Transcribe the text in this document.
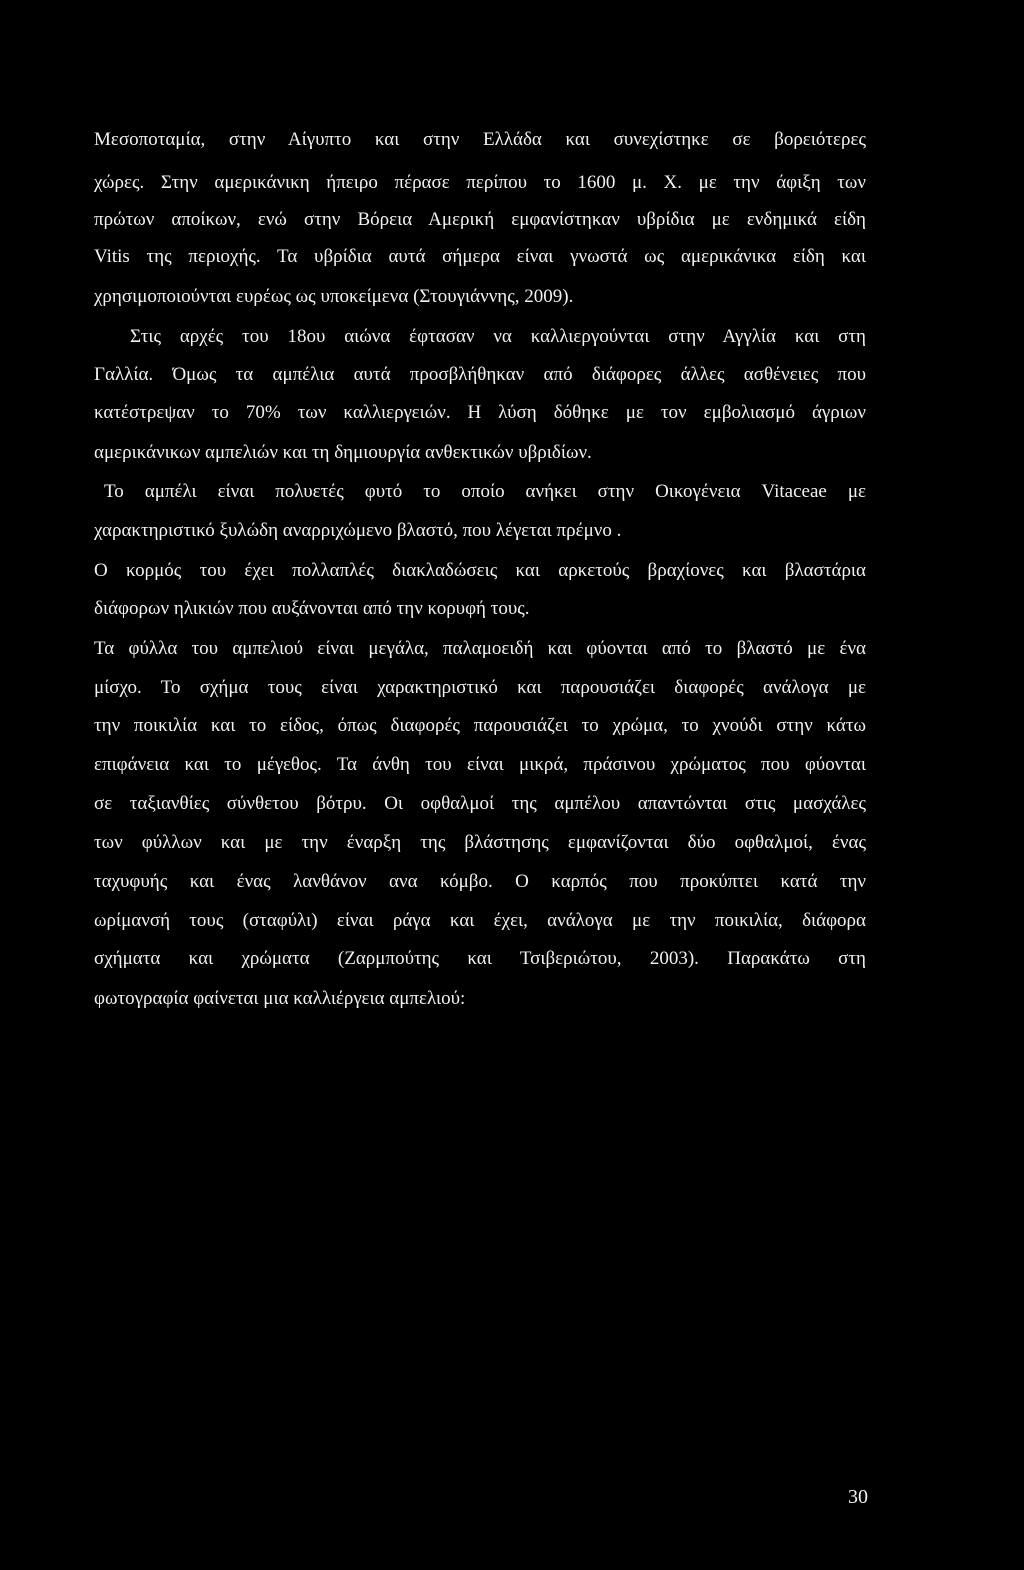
Μεσοποταμία, στην Αίγυπτο και στην Ελλάδα και συνεχίστηκε σε βορειότερες
χώρες. Στην αμερικάνικη ήπειρο πέρασε περίπου το 1600 μ. Χ. με την άφιξη των
πρώτων αποίκων, ενώ στην Βόρεια Αμερική εμφανίστηκαν υβρίδια με ενδημικά είδη
Vitis της περιοχής. Τα υβρίδια αυτά σήμερα είναι γνωστά ως αμερικάνικα είδη και
χρησιμοποιούνται ευρέως ως υποκείμενα (Στουγιάννης, 2009).
Στις αρχές του 18ου αιώνα έφτασαν να καλλιεργούνται στην Αγγλία και στη
Γαλλία. Όμως τα αμπέλια αυτά προσβλήθηκαν από διάφορες άλλες ασθένειες που
κατέστρεψαν το 70% των καλλιεργειών. Η λύση δόθηκε με τον εμβολιασμό άγριων
αμερικάνικων αμπελιών και τη δημιουργία ανθεκτικών υβριδίων.
Το αμπέλι είναι πολυετές φυτό το οποίο ανήκει στην Οικογένεια Vitaceae με
χαρακτηριστικό ξυλώδη αναρριχώμενο βλαστό, που λέγεται πρέμνο .
Ο κορμός του έχει πολλαπλές διακλαδώσεις και αρκετούς βραχίονες και βλαστάρια
διάφορων ηλικιών που αυξάνονται από την κορυφή τους.
Τα φύλλα του αμπελιού είναι μεγάλα, παλαμοειδή και φύονται από το βλαστό με ένα
μίσχο. Το σχήμα τους είναι χαρακτηριστικό και παρουσιάζει διαφορές ανάλογα με
την ποικιλία και το είδος, όπως διαφορές παρουσιάζει το χρώμα, το χνούδι στην κάτω
επιφάνεια και το μέγεθος. Τα άνθη του είναι μικρά, πράσινου χρώματος που φύονται
σε ταξιανθίες σύνθετου βότρυ. Οι οφθαλμοί της αμπέλου απαντώνται στις μασχάλες
των φύλλων και με την έναρξη της βλάστησης εμφανίζονται δύο οφθαλμοί, ένας
ταχυφυής και ένας λανθάνον ανα κόμβο. Ο καρπός που προκύπτει κατά την
ωρίμανσή τους (σταφύλι) είναι ράγα και έχει, ανάλογα με την ποικιλία, διάφορα
σχήματα και χρώματα (Ζαρμπούτης και Τσιβεριώτου, 2003). Παρακάτω στη
φωτογραφία φαίνεται μια καλλιέργεια αμπελιού:
30
